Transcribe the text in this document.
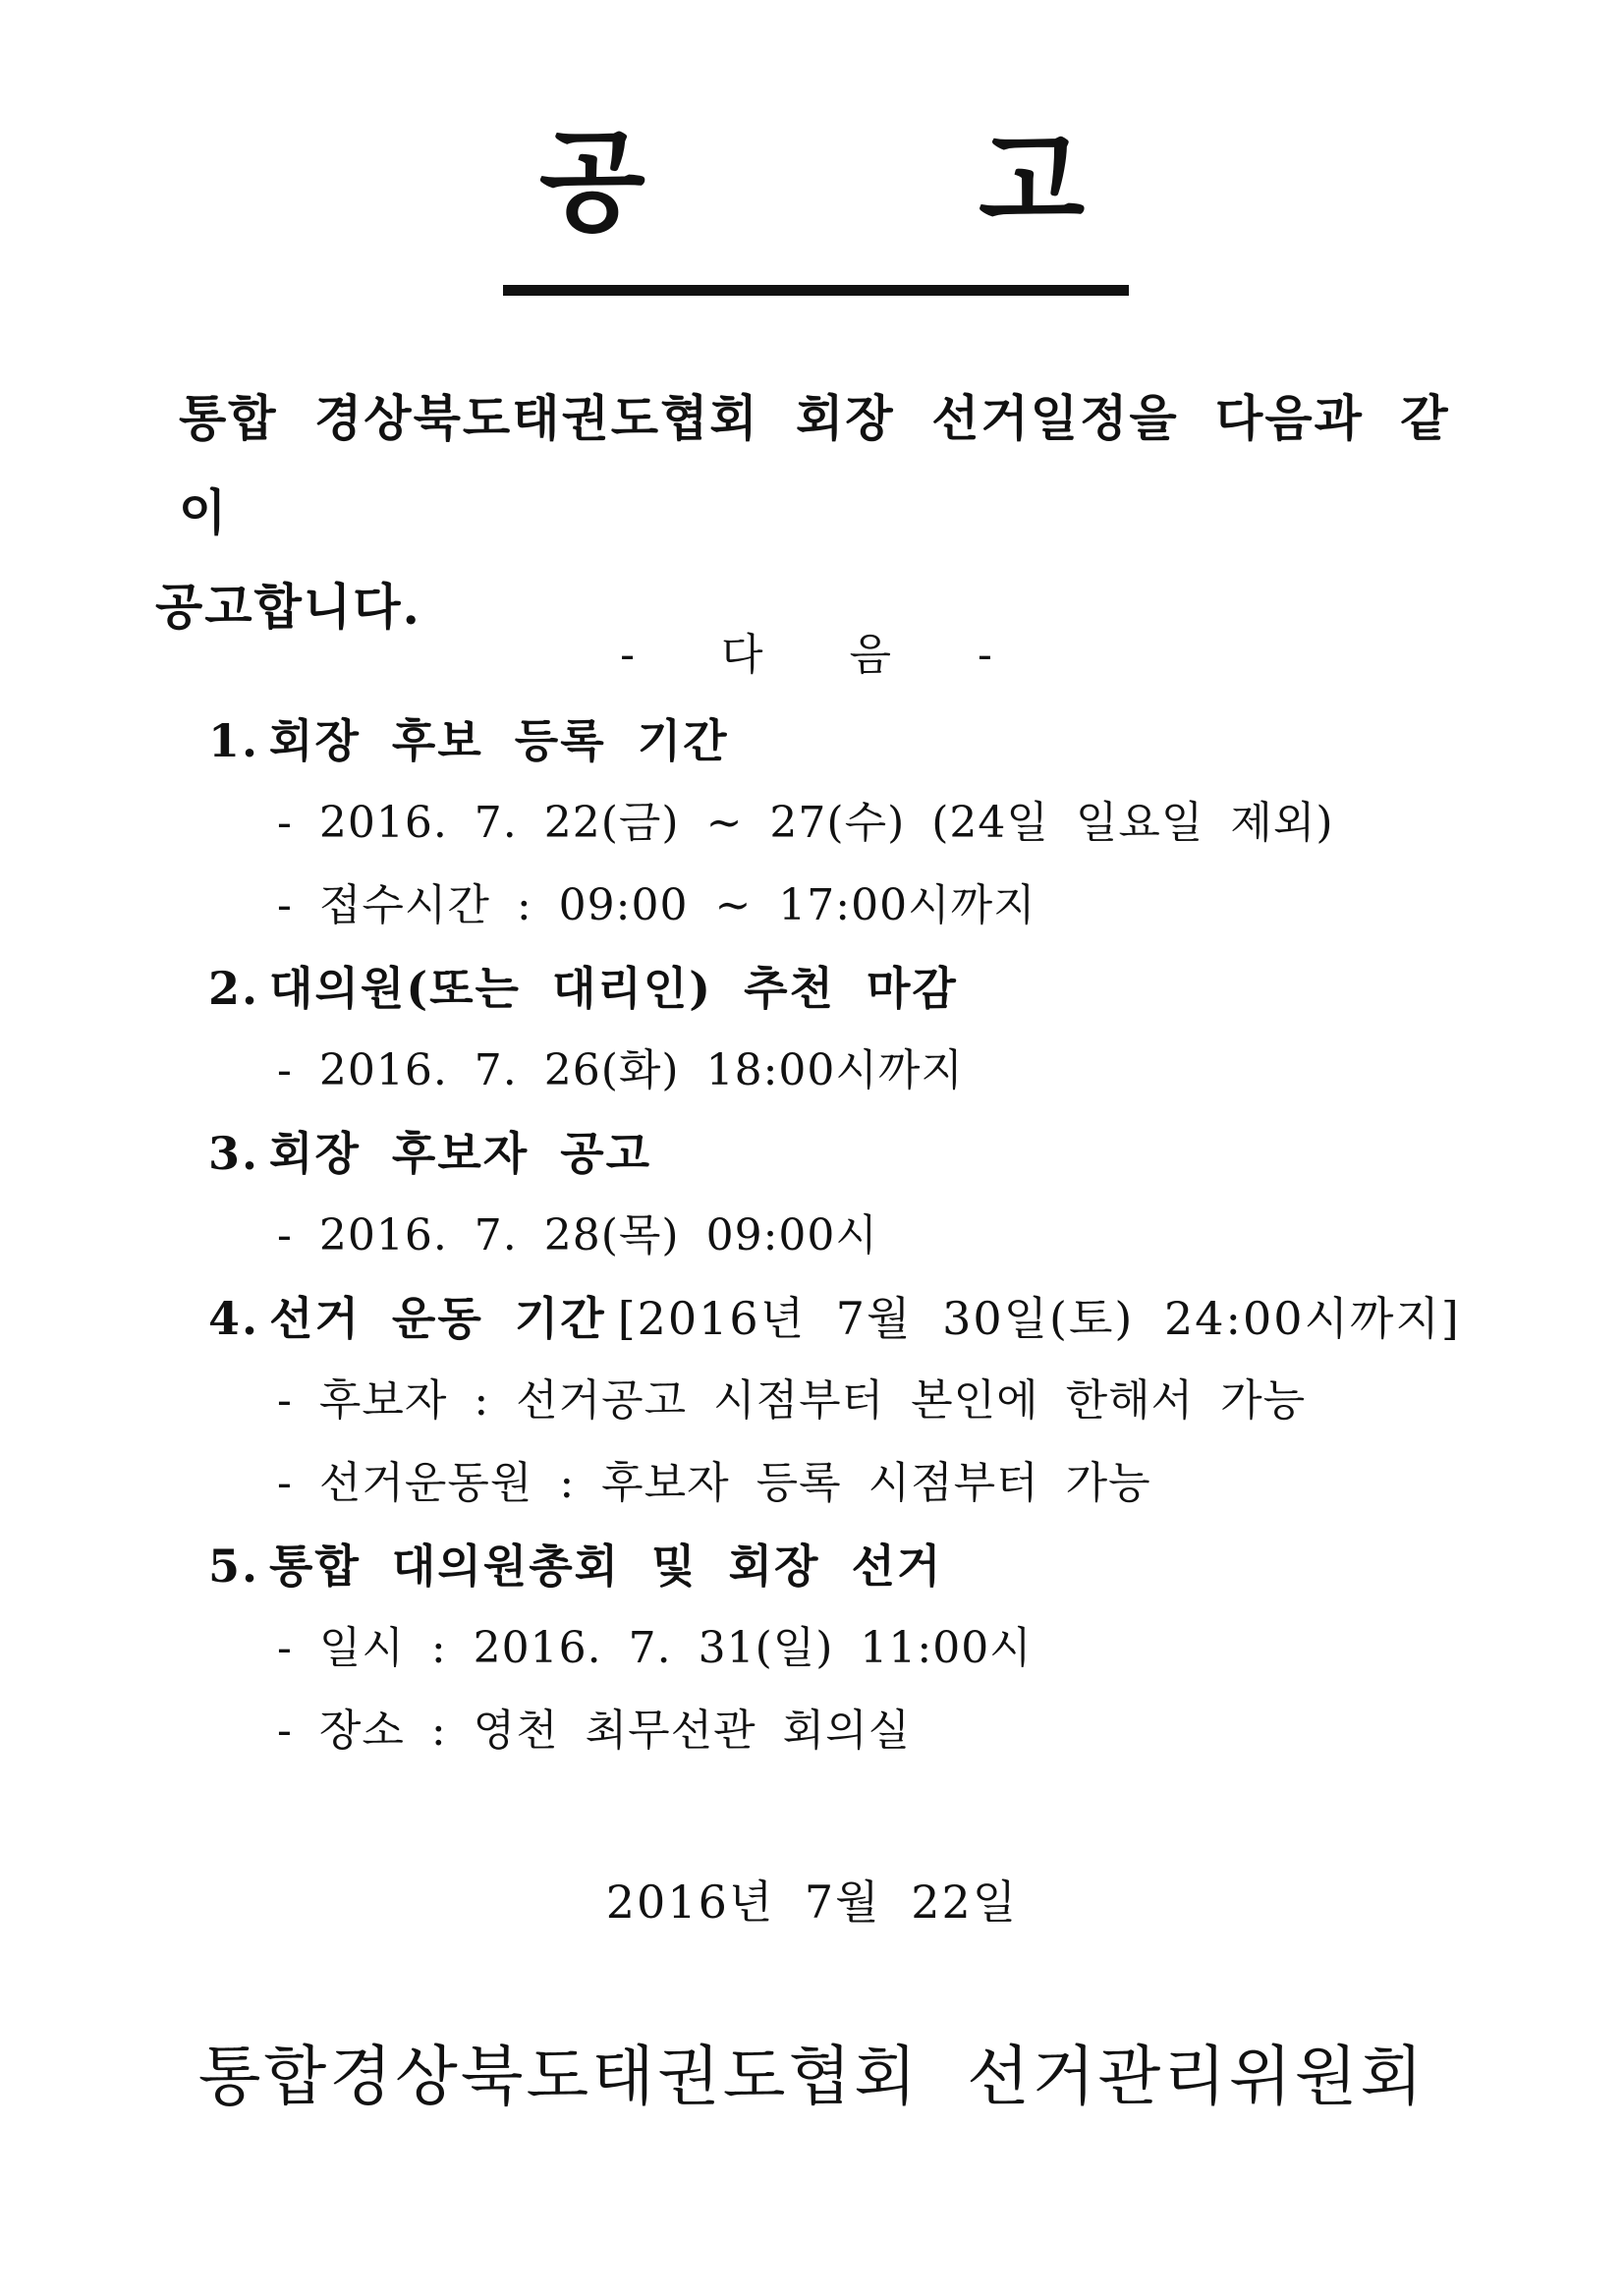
공 고
통합 경상북도태권도협회 회장 선거일정을 다음과 같이
공고합니다.
- 다 음 -
1. 회장 후보 등록 기간
- 2016. 7. 22(금) ~ 27(수) (24일 일요일 제외)
- 접수시간 : 09:00 ~ 17:00시까지
2. 대의원(또는 대리인) 추천 마감
- 2016. 7. 26(화) 18:00시까지
3. 회장 후보자 공고
- 2016. 7. 28(목) 09:00시
4. 선거 운동 기간 [2016년 7월 30일(토) 24:00시까지]
- 후보자 : 선거공고 시점부터 본인에 한해서 가능
- 선거운동원 : 후보자 등록 시점부터 가능
5. 통합 대의원총회 및 회장 선거
- 일시 : 2016. 7. 31(일) 11:00시
- 장소 : 영천 최무선관 회의실
2016년 7월 22일
통합경상북도태권도협회 선거관리위원회
